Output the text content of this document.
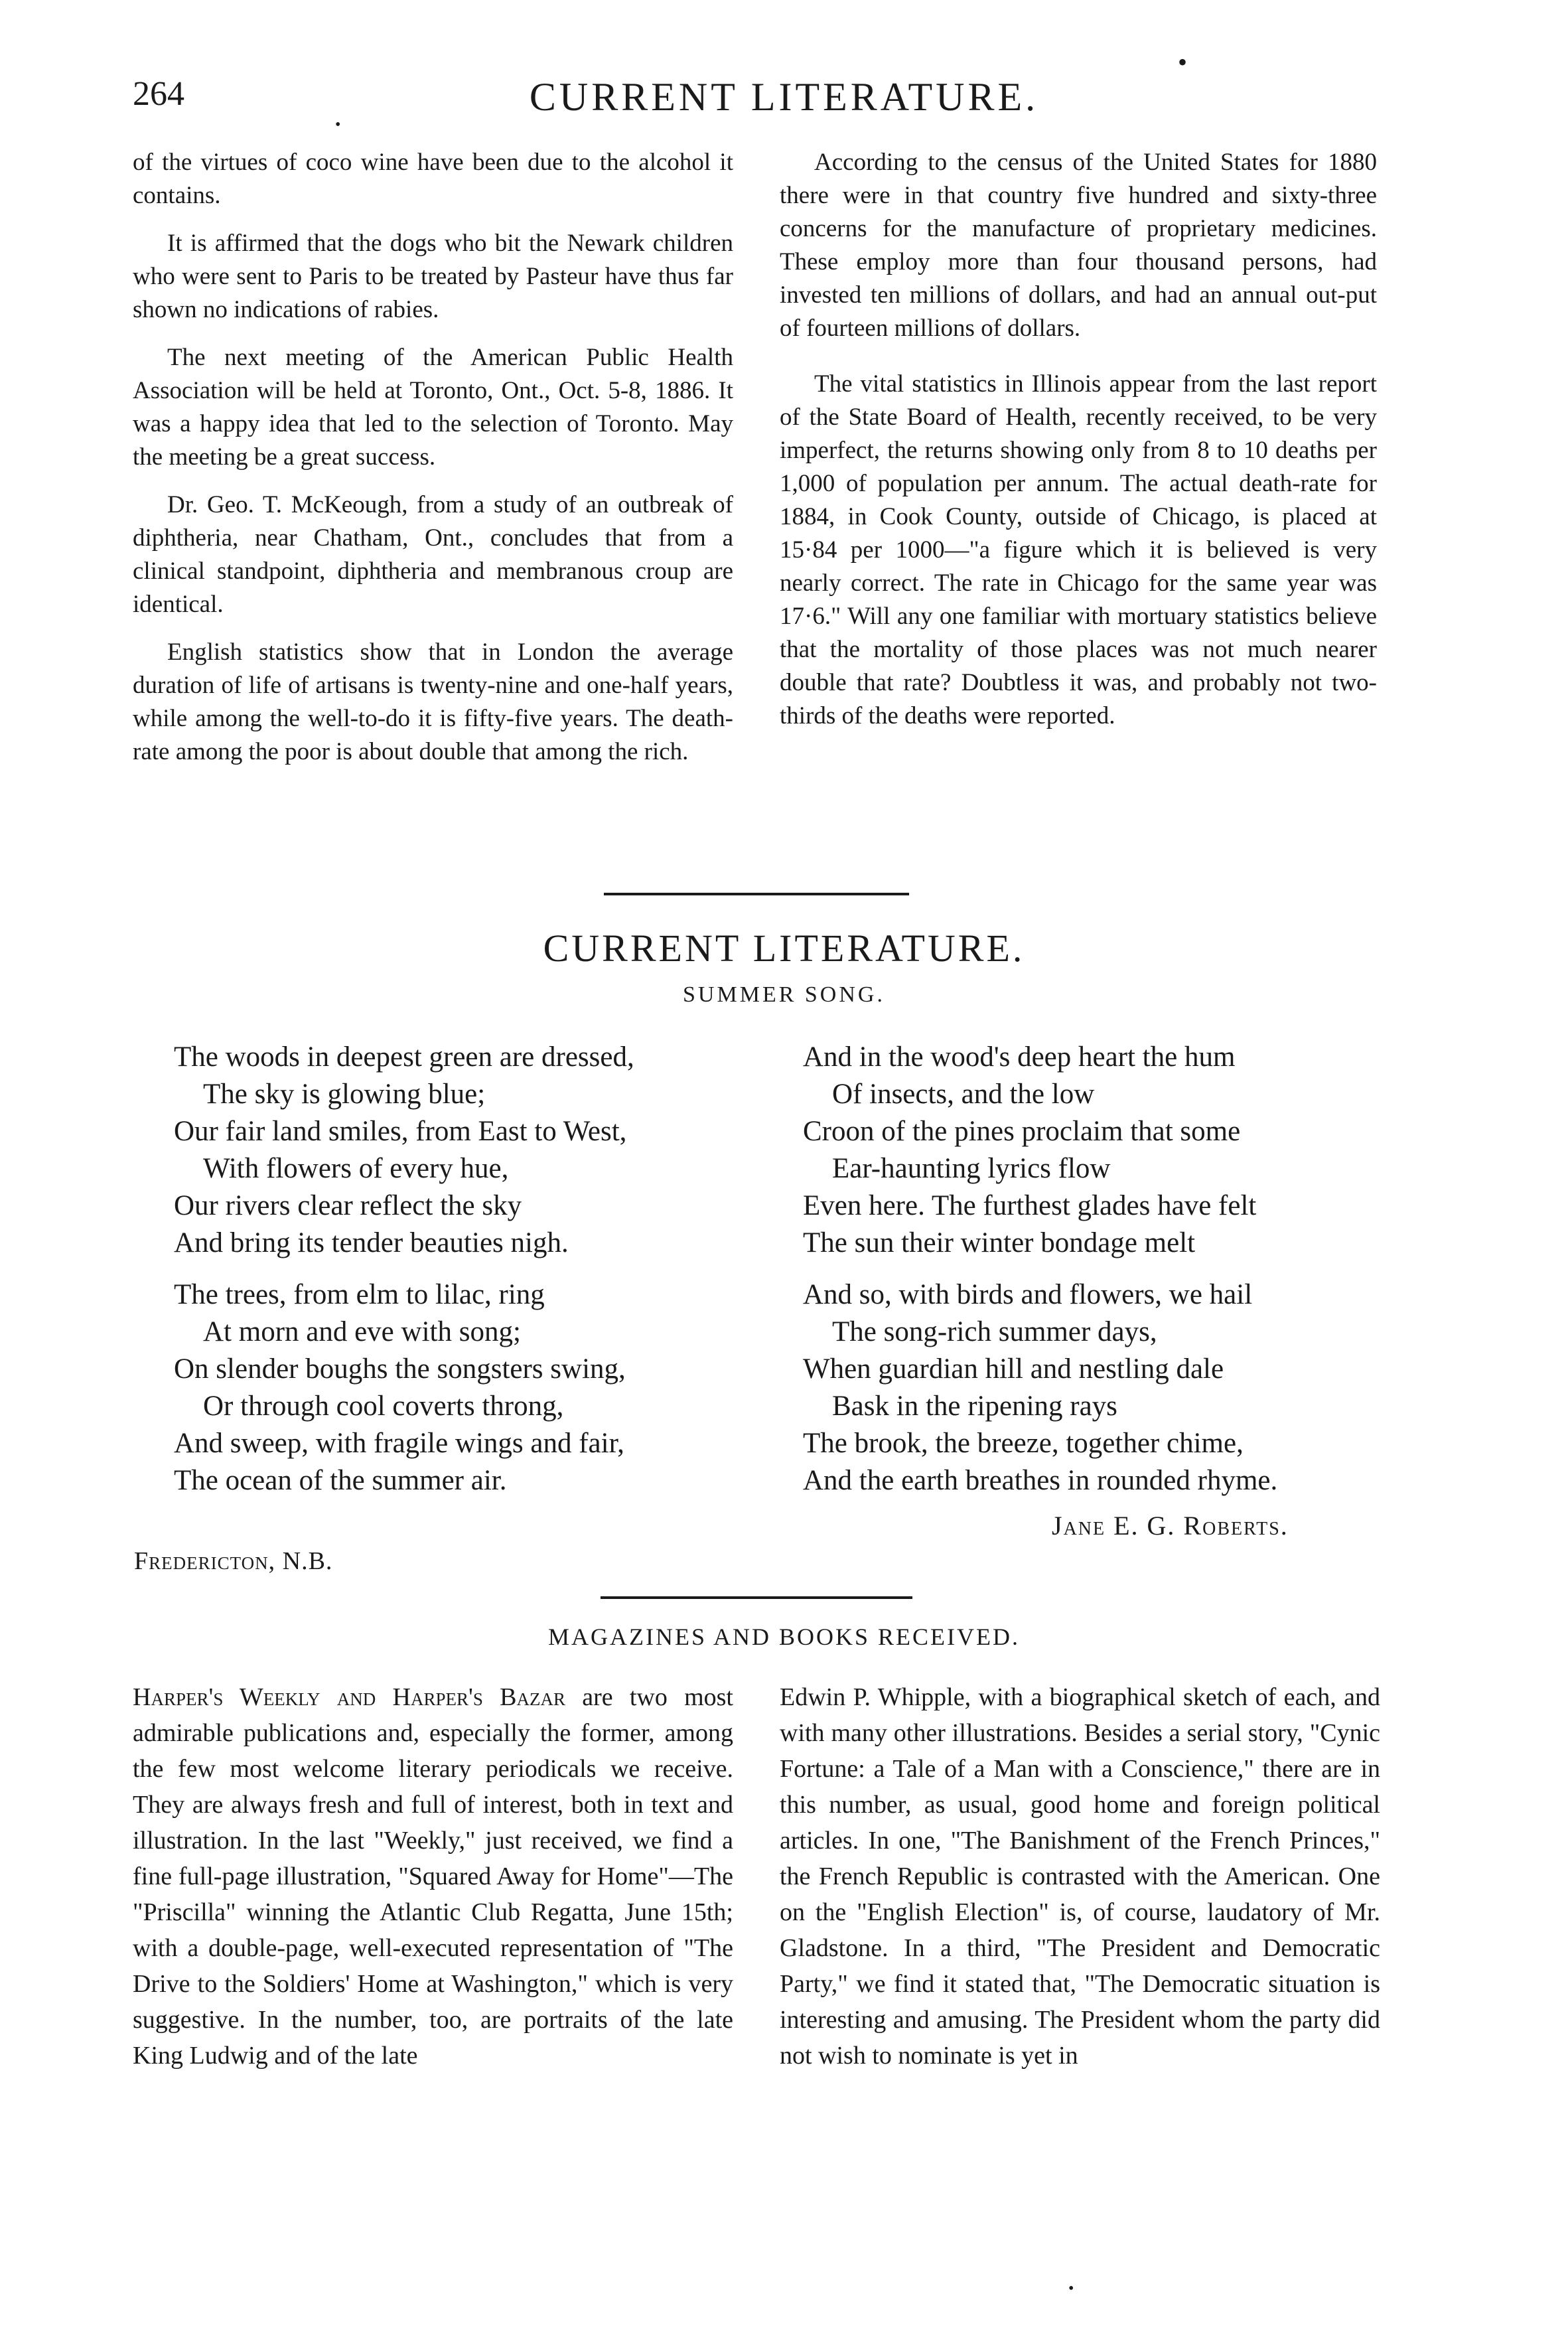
264	CURRENT LITERATURE.
•
•

of the virtues of coco wine have been due to the alcohol it contains.

It is affirmed that the dogs who bit the Newark children who were sent to Paris to be treated by Pasteur have thus far shown no indications of rabies.

The next meeting of the American Public Health Association will be held at Toronto, Ont., Oct. 5-8, 1886. It was a happy idea that led to the selection of Toronto. May the meeting be a great success.

Dr. Geo. T. McKeough, from a study of an outbreak of diphtheria, near Chatham, Ont., concludes that from a clinical standpoint, diphtheria and membranous croup are identical.

English statistics show that in London the average duration of life of artisans is twenty-nine and one-half years, while among the well-to-do it is fifty-five years. The death-rate among the poor is about double that among the rich.

According to the census of the United States for 1880 there were in that country five hundred and sixty-three concerns for the manufacture of proprietary medicines. These employ more than four thousand persons, had invested ten millions of dollars, and had an annual out-put of fourteen millions of dollars.

The vital statistics in Illinois appear from the last report of the State Board of Health, recently received, to be very imperfect, the returns showing only from 8 to 10 deaths per 1,000 of population per annum. The actual death-rate for 1884, in Cook County, outside of Chicago, is placed at 15·84 per 1000—"a figure which it is believed is very nearly correct. The rate in Chicago for the same year was 17·6." Will any one familiar with mortuary statistics believe that the mortality of those places was not much nearer double that rate? Doubtless it was, and probably not two-thirds of the deaths were reported.

CURRENT LITERATURE.
SUMMER SONG.
The woods in deepest green are dressed,
The sky is glowing blue;
Our fair land smiles, from East to West,
With flowers of every hue,
Our rivers clear reflect the sky
And bring its tender beauties nigh.
The trees, from elm to lilac, ring
At morn and eve with song;
On slender boughs the songsters swing,
Or through cool coverts throng,
And sweep, with fragile wings and fair,
The ocean of the summer air.
And in the wood's deep heart the hum
Of insects, and the low
Croon of the pines proclaim that some
Ear-haunting lyrics flow
Even here. The furthest glades have felt
The sun their winter bondage melt
And so, with birds and flowers, we hail
The song-rich summer days,
When guardian hill and nestling dale
Bask in the ripening rays
The brook, the breeze, together chime,
And the earth breathes in rounded rhyme.
Jane E. G. Roberts.
Fredericton, N.B.
MAGAZINES AND BOOKS RECEIVED.

Harper's Weekly and Harper's Bazar are two most admirable publications and, especially the former, among the few most welcome literary periodicals we receive. They are always fresh and full of interest, both in text and illustration. In the last "Weekly," just received, we find a fine full-page illustration, "Squared Away for Home"—The "Priscilla" winning the Atlantic Club Regatta, June 15th; with a double-page, well-executed representation of "The Drive to the Soldiers' Home at Washington," which is very suggestive. In the number, too, are portraits of the late King Ludwig and of the late

Edwin P. Whipple, with a biographical sketch of each, and with many other illustrations. Besides a serial story, "Cynic Fortune: a Tale of a Man with a Conscience," there are in this number, as usual, good home and foreign political articles. In one, "The Banishment of the French Princes," the French Republic is contrasted with the American. One on the "English Election" is, of course, laudatory of Mr. Gladstone. In a third, "The President and Democratic Party," we find it stated that, "The Democratic situation is interesting and amusing. The President whom the party did not wish to nominate is yet in

•
